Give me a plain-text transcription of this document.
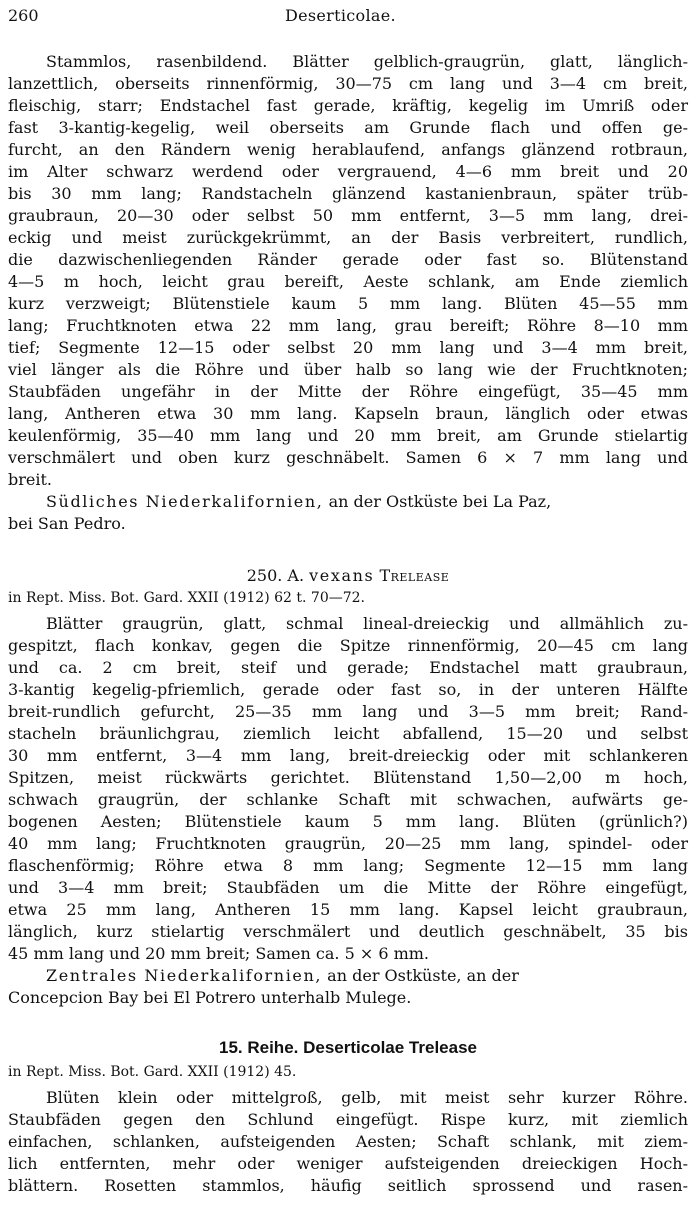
260	Deserticolae.
Stammlos, rasenbildend. Blätter gelblich-graugrün, glatt, länglich-
lanzettlich, oberseits rinnenförmig, 30—75 cm lang und 3—4 cm breit,
fleischig, starr; Endstachel fast gerade, kräftig, kegelig im Umriß oder
fast 3-kantig-kegelig, weil oberseits am Grunde flach und offen ge-
furcht, an den Rändern wenig herablaufend, anfangs glänzend rotbraun,
im Alter schwarz werdend oder vergrauend, 4—6 mm breit und 20
bis 30 mm lang; Randstacheln glänzend kastanienbraun, später trüb-
graubraun, 20—30 oder selbst 50 mm entfernt, 3—5 mm lang, drei-
eckig und meist zurückgekrümmt, an der Basis verbreitert, rundlich,
die dazwischenliegenden Ränder gerade oder fast so. Blütenstand
4—5 m hoch, leicht grau bereift, Aeste schlank, am Ende ziemlich
kurz verzweigt; Blütenstiele kaum 5 mm lang. Blüten 45—55 mm
lang; Fruchtknoten etwa 22 mm lang, grau bereift; Röhre 8—10 mm
tief; Segmente 12—15 oder selbst 20 mm lang und 3—4 mm breit,
viel länger als die Röhre und über halb so lang wie der Fruchtknoten;
Staubfäden ungefähr in der Mitte der Röhre eingefügt, 35—45 mm
lang, Antheren etwa 30 mm lang. Kapseln braun, länglich oder etwas
keulenförmig, 35—40 mm lang und 20 mm breit, am Grunde stielartig
verschmälert und oben kurz geschnäbelt. Samen 6 × 7 mm lang und
breit.
Südliches Niederkalifornien, an der Ostküste bei La Paz,
bei San Pedro.
250. A. vexans Trelease
in Rept. Miss. Bot. Gard. XXII (1912) 62 t. 70—72.
Blätter graugrün, glatt, schmal lineal-dreieckig und allmählich zu-
gespitzt, flach konkav, gegen die Spitze rinnenförmig, 20—45 cm lang
und ca. 2 cm breit, steif und gerade; Endstachel matt graubraun,
3-kantig kegelig-pfriemlich, gerade oder fast so, in der unteren Hälfte
breit-rundlich gefurcht, 25—35 mm lang und 3—5 mm breit; Rand-
stacheln bräunlichgrau, ziemlich leicht abfallend, 15—20 und selbst
30 mm entfernt, 3—4 mm lang, breit-dreieckig oder mit schlankeren
Spitzen, meist rückwärts gerichtet. Blütenstand 1,50—2,00 m hoch,
schwach graugrün, der schlanke Schaft mit schwachen, aufwärts ge-
bogenen Aesten; Blütenstiele kaum 5 mm lang. Blüten (grünlich?)
40 mm lang; Fruchtknoten graugrün, 20—25 mm lang, spindel- oder
flaschenförmig; Röhre etwa 8 mm lang; Segmente 12—15 mm lang
und 3—4 mm breit; Staubfäden um die Mitte der Röhre eingefügt,
etwa 25 mm lang, Antheren 15 mm lang. Kapsel leicht graubraun,
länglich, kurz stielartig verschmälert und deutlich geschnäbelt, 35 bis
45 mm lang und 20 mm breit; Samen ca. 5 × 6 mm.
Zentrales Niederkalifornien, an der Ostküste, an der
Concepcion Bay bei El Potrero unterhalb Mulege.
15. Reihe. Deserticolae Trelease
in Rept. Miss. Bot. Gard. XXII (1912) 45.
Blüten klein oder mittelgroß, gelb, mit meist sehr kurzer Röhre.
Staubfäden gegen den Schlund eingefügt. Rispe kurz, mit ziemlich
einfachen, schlanken, aufsteigenden Aesten; Schaft schlank, mit ziem-
lich entfernten, mehr oder weniger aufsteigenden dreieckigen Hoch-
blättern. Rosetten stammlos, häufig seitlich sprossend und rasen-
